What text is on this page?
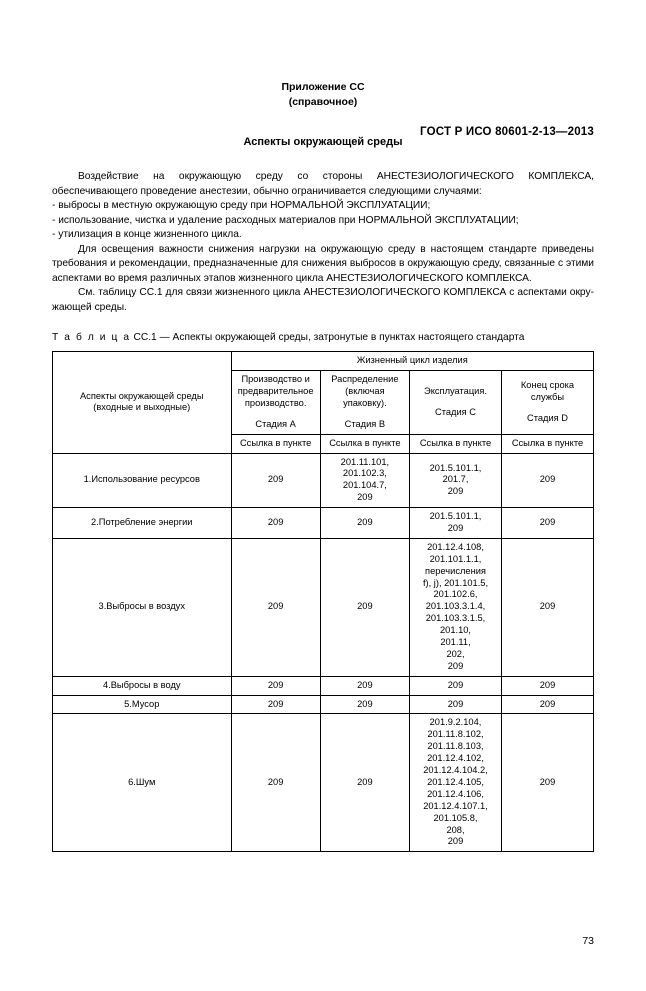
ГОСТ Р ИСО 80601-2-13—2013
Приложение СС
(справочное)
Аспекты окружающей среды

Воздействие на окружающую среду со стороны АНЕСТЕЗИОЛОГИЧЕСКОГО КОМПЛЕКСА, обеспечивающего проведение анестезии, обычно ограничивается следующими случаями:

- выбросы в местную окружающую среду при НОРМАЛЬНОЙ ЭКСПЛУАТАЦИИ;

- использование, чистка и удаление расходных материалов при НОРМАЛЬНОЙ ЭКСПЛУАТАЦИИ;

- утилизация в конце жизненного цикла.

Для освещения важности снижения нагрузки на окружающую среду в настоящем стандарте приведены требования и рекомендации, предназначенные для снижения выбросов в окружающую среду, связанные с этими аспектами во время различных этапов жизненного цикла АНЕСТЕЗИОЛОГИЧЕСКОГО КОМПЛЕКСА.

См. таблицу СС.1 для связи жизненного цикла АНЕСТЕЗИОЛОГИЧЕСКОГО КОМПЛЕКСА с аспектами окружающей среды.

Т а б л и ц а СС.1 — Аспекты окружающей среды, затронутые в пунктах настоящего стандарта
Аспекты окружающей среды
(входные и выходные)	Жизненный цикл изделия			

	Производство и предварительное производство.
Стадия A	Распределение (включая упаковку).
Стадия B	Эксплуатация.
Стадия C	Конец срока службы
Стадия D

	Ссылка в пункте	Ссылка в пункте	Ссылка в пункте	Ссылка в пункте
1.Использование ресурсов	209	201.11.101,
201.102.3,
201.104.7,
209	201.5.101.1,
201.7,
209	209
2.Потребление энергии	209	209	201.5.101.1,
209	209
3.Выбросы в воздух	209	209	201.12.4.108,
201.101.1.1,
перечисления
f), j), 201.101.5,
201.102.6,
201.103.3.1.4,
201.103.3.1.5,
201.10,
201.11,
202,
209	209
4.Выбросы в воду	209	209	209	209
5.Мусор	209	209	209	209
6.Шум	209	209	201.9.2.104,
201.11.8.102,
201.11.8.103,
201.12.4.102,
201.12.4.104.2,
201.12.4.105,
201.12.4.106,
201.12.4.107.1,
201.105.8,
208,
209	209
73
